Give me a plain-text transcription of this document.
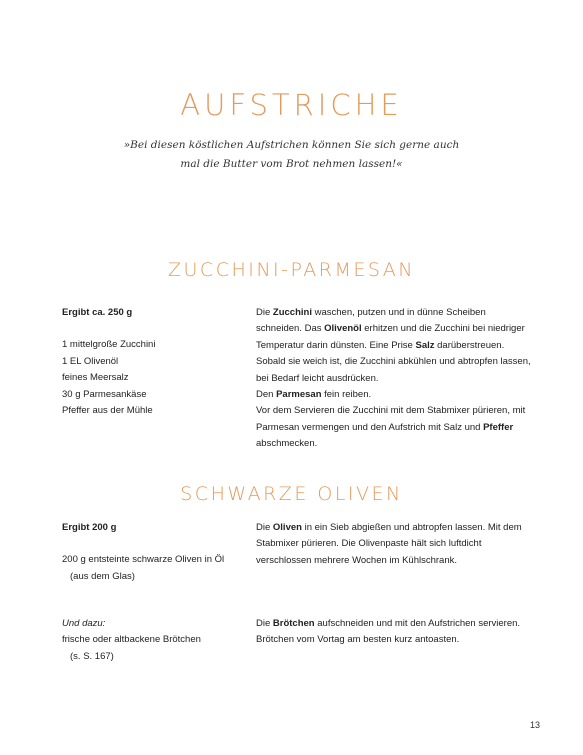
AUFSTRICHE
»Bei diesen köstlichen Aufstrichen können Sie sich gerne auch
mal die Butter vom Brot nehmen lassen!«
ZUCCHINI-PARMESAN

Ergibt ca. 250 g

1 mittelgroße Zucchini

1 EL Olivenöl

feines Meersalz

30 g Parmesankäse

Pfeffer aus der Mühle

Die Zucchini waschen, putzen und in dünne Scheiben schneiden. Das Olivenöl erhitzen und die Zucchini bei niedriger Temperatur darin dünsten. Eine Prise Salz darüberstreuen. Sobald sie weich ist, die Zucchini abkühlen und abtropfen lassen, bei Bedarf leicht ausdrücken.

Den Parmesan fein reiben.

Vor dem Servieren die Zucchini mit dem Stabmixer pürieren, mit Parmesan vermengen und den Aufstrich mit Salz und Pfeffer abschmecken.

SCHWARZE OLIVEN

Ergibt 200 g

200 g entsteinte schwarze Oliven in Öl

(aus dem Glas)

Die Oliven in ein Sieb abgießen und abtropfen lassen. Mit dem Stabmixer pürieren. Die Olivenpaste hält sich luftdicht verschlossen mehrere Wochen im Kühlschrank.

Und dazu:

frische oder altbackene Brötchen

(s. S. 167)

Die Brötchen aufschneiden und mit den Aufstrichen servieren. Brötchen vom Vortag am besten kurz antoasten.

13
